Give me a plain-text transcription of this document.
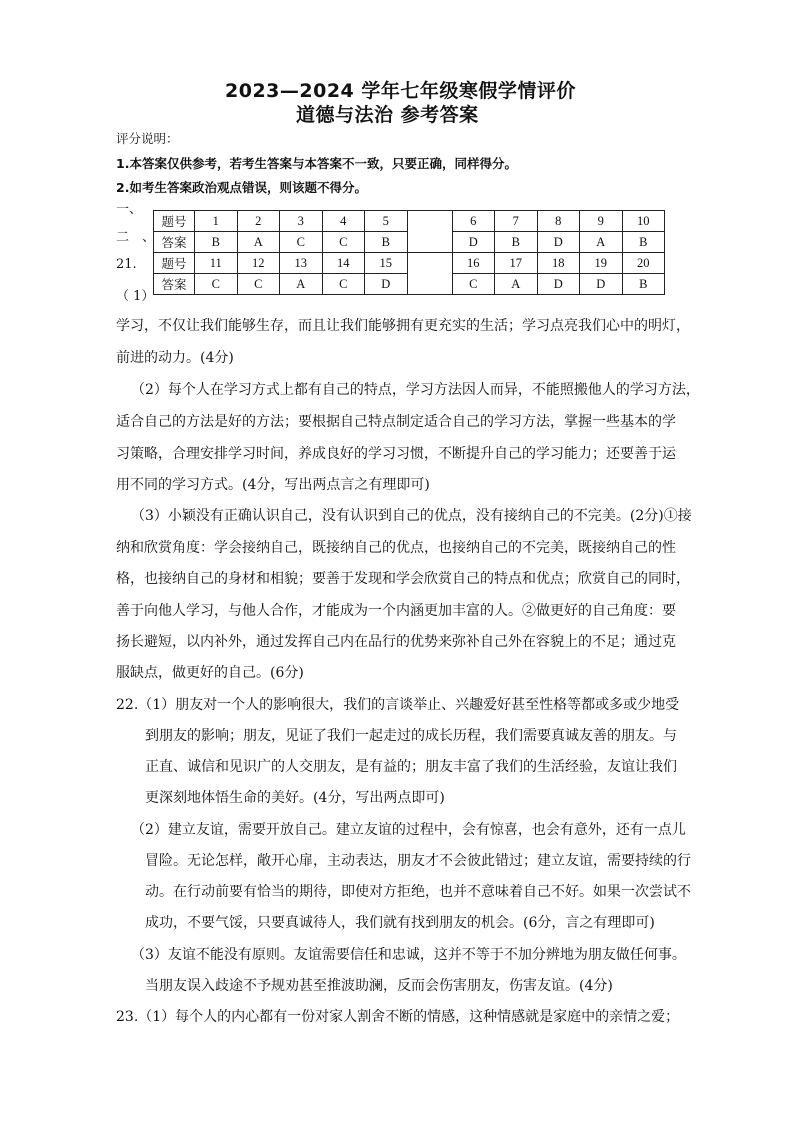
2023—2024 学年七年级寒假学情评价
道德与法治 参考答案
评分说明：
1.本答案仅供参考，若考生答案与本答案不一致，只要正确，同样得分。
2.如考生答案政治观点错误，则该题不得分。
一、
二 、
21.
（ 1）
题号	1	2	3	4	5		6	7	8	9	10
答案	B	A	C	C	B		D	B	D	A	B
题号	11	12	13	14	15		16	17	18	19	20
答案	C	C	A	C	D		C	A	D	D	B
学习，不仅让我们能够生存，而且让我们能够拥有更充实的生活；学习点亮我们心中的明灯，
前进的动力。(4分)
（2）每个人在学习方式上都有自己的特点，学习方法因人而异，不能照搬他人的学习方法，
适合自己的方法是好的方法；要根据自己特点制定适合自己的学习方法，掌握一些基本的学
习策略，合理安排学习时间，养成良好的学习习惯，不断提升自己的学习能力；还要善于运
用不同的学习方式。(4分，写出两点言之有理即可)
（3）小颖没有正确认识自己，没有认识到自己的优点，没有接纳自己的不完美。(2分)①接
纳和欣赏角度：学会接纳自己，既接纳自己的优点，也接纳自己的不完美，既接纳自己的性
格，也接纳自己的身材和相貌；要善于发现和学会欣赏自己的特点和优点；欣赏自己的同时，
善于向他人学习，与他人合作，才能成为一个内涵更加丰富的人。②做更好的自己角度：要
扬长避短，以内补外，通过发挥自己内在品行的优势来弥补自己外在容貌上的不足；通过克
服缺点，做更好的自己。(6分)
22.（1）朋友对一个人的影响很大，我们的言谈举止、兴趣爱好甚至性格等都或多或少地受
到朋友的影响；朋友，见证了我们一起走过的成长历程，我们需要真诚友善的朋友。与
正直、诚信和见识广的人交朋友，是有益的；朋友丰富了我们的生活经验，友谊让我们
更深刻地体悟生命的美好。(4分，写出两点即可)
（2）建立友谊，需要开放自己。建立友谊的过程中，会有惊喜，也会有意外，还有一点儿
冒险。无论怎样，敞开心扉，主动表达，朋友才不会彼此错过；建立友谊，需要持续的行
动。在行动前要有恰当的期待，即使对方拒绝，也并不意味着自己不好。如果一次尝试不
成功，不要气馁，只要真诚待人，我们就有找到朋友的机会。(6分，言之有理即可)
（3）友谊不能没有原则。友谊需要信任和忠诚，这并不等于不加分辨地为朋友做任何事。
当朋友误入歧途不予规劝甚至推波助澜，反而会伤害朋友，伤害友谊。(4分)
23.（1）每个人的内心都有一份对家人割舍不断的情感，这种情感就是家庭中的亲情之爱；
